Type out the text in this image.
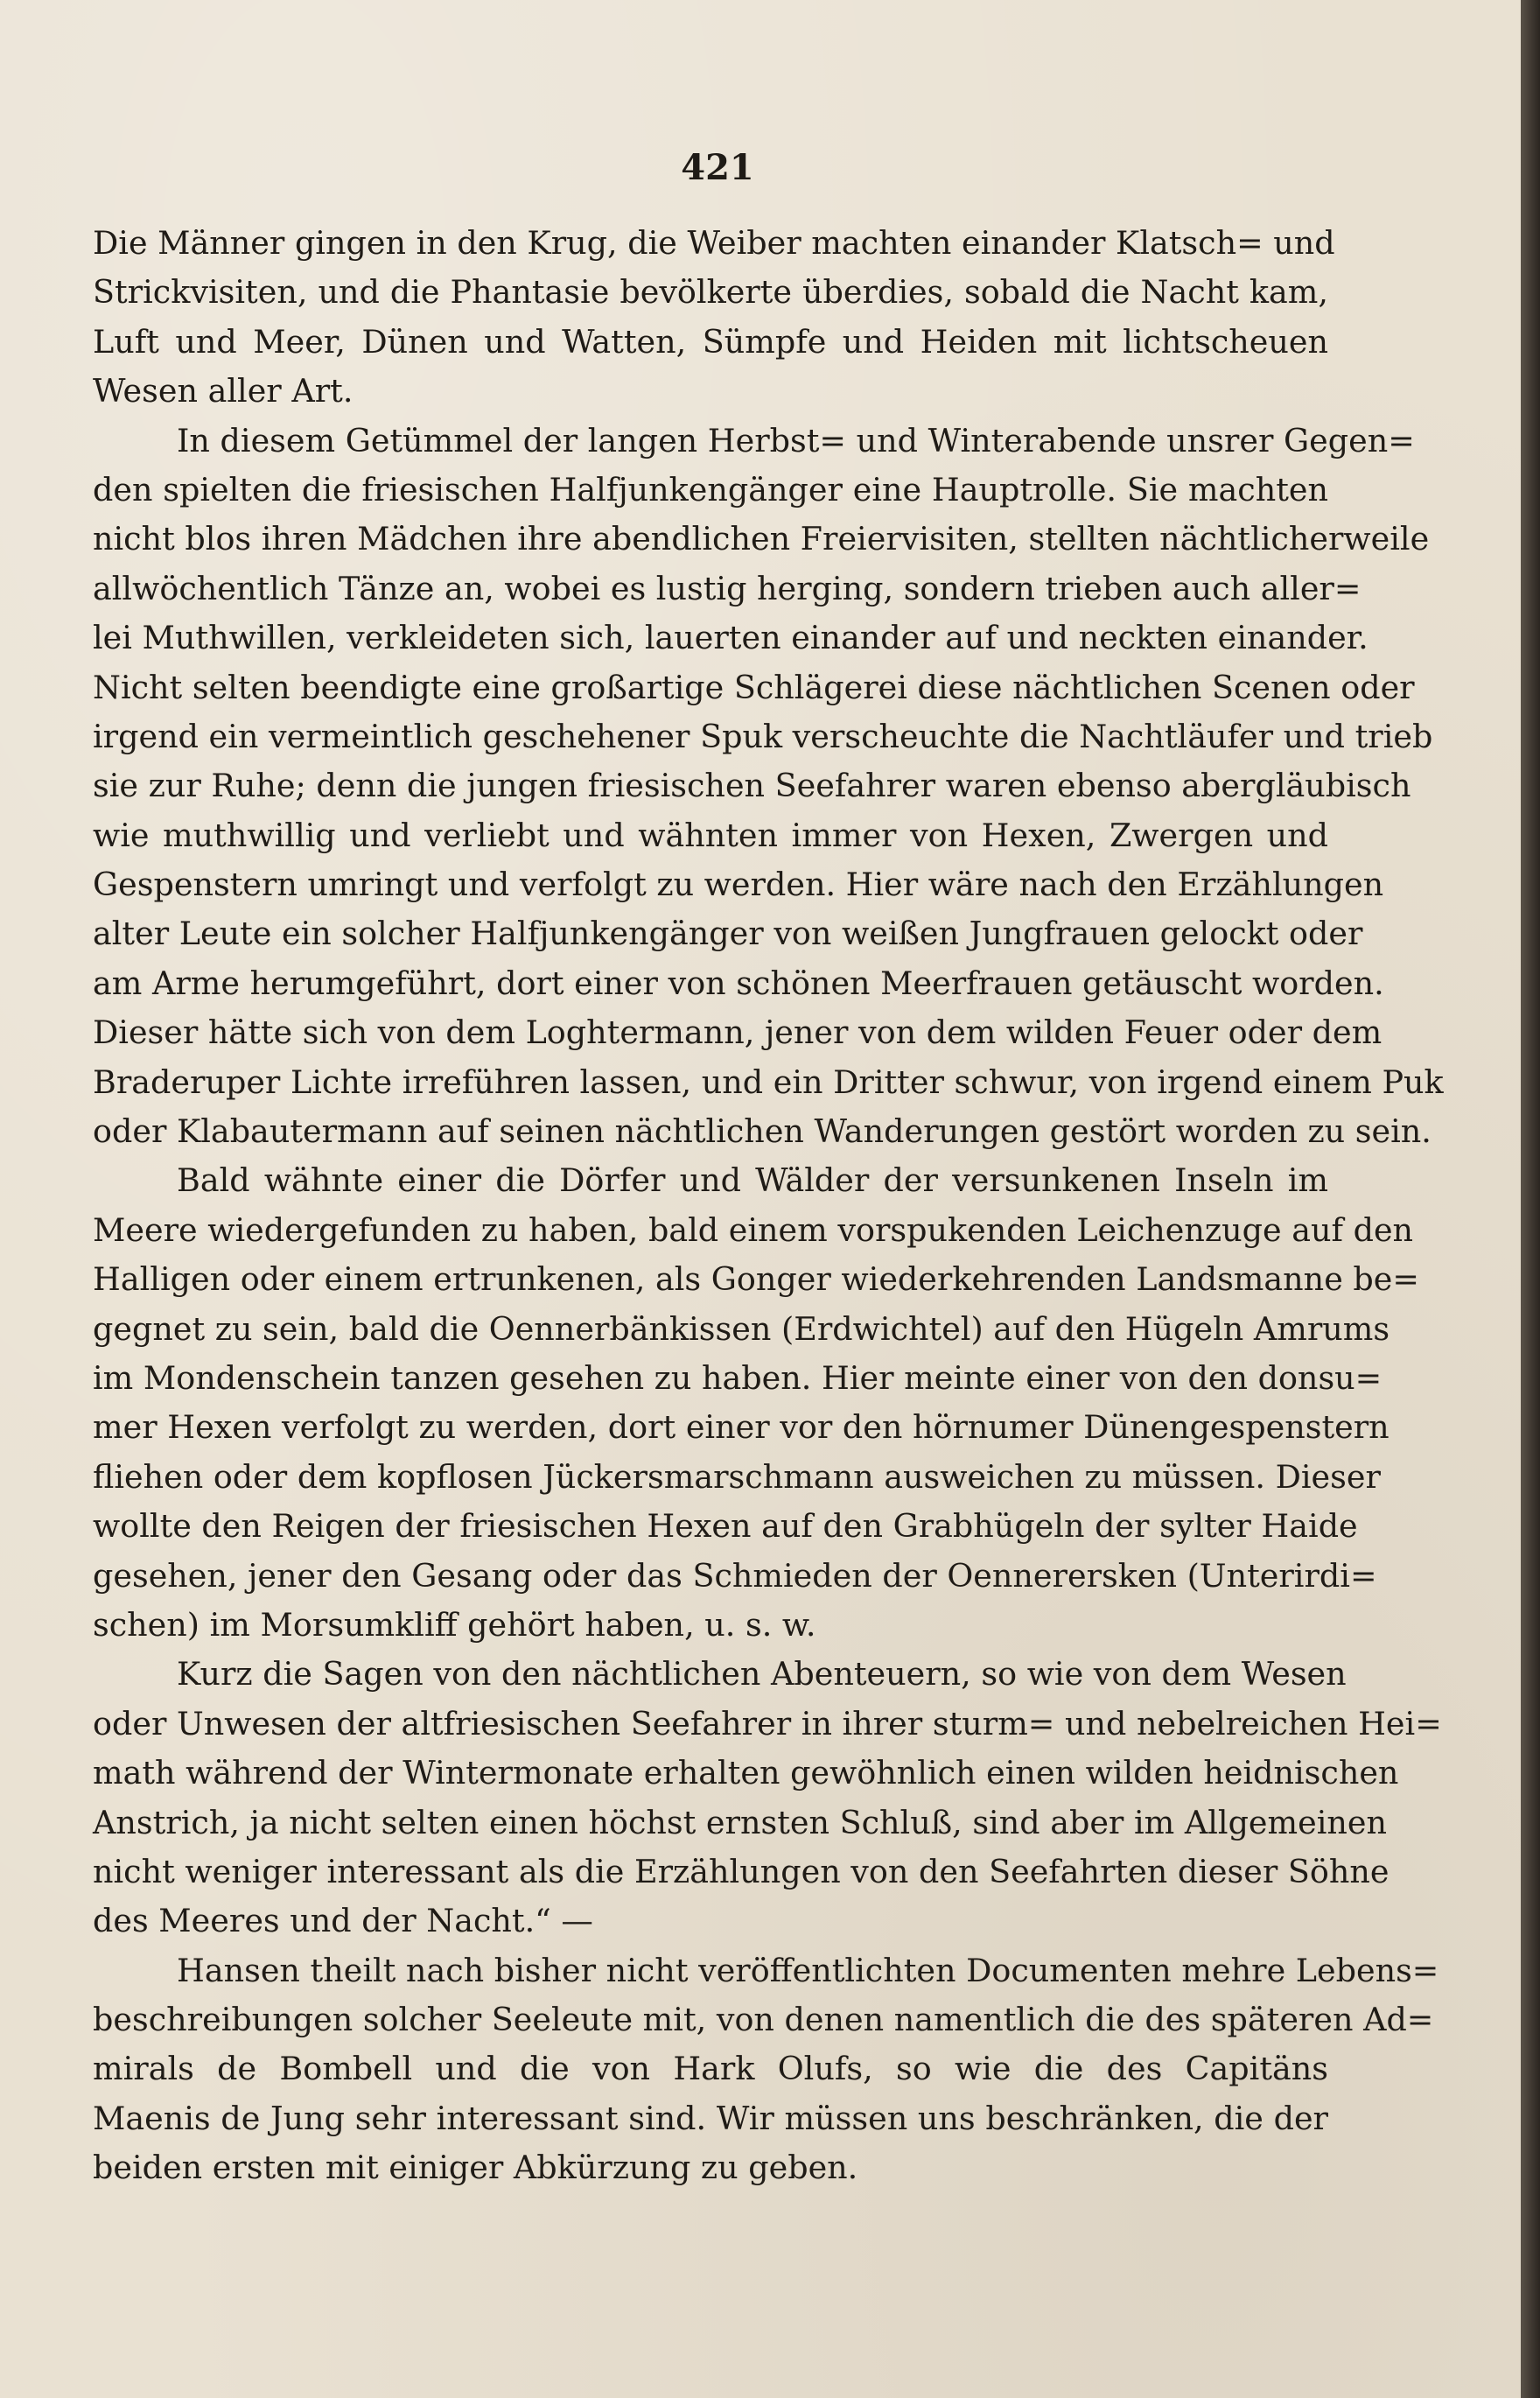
421
Die Männer gingen in den Krug, die Weiber machten einander Klatsch= und
Strickvisiten, und die Phantasie bevölkerte überdies, sobald die Nacht kam,
Luft und Meer, Dünen und Watten, Sümpfe und Heiden mit lichtscheuen
Wesen aller Art.
In diesem Getümmel der langen Herbst= und Winterabende unsrer Gegen=
den spielten die friesischen Halfjunkengänger eine Hauptrolle. Sie machten
nicht blos ihren Mädchen ihre abendlichen Freiervisiten, stellten nächtlicherweile
allwöchentlich Tänze an, wobei es lustig herging, sondern trieben auch aller=
lei Muthwillen, verkleideten sich, lauerten einander auf und neckten einander.
Nicht selten beendigte eine großartige Schlägerei diese nächtlichen Scenen oder
irgend ein vermeintlich geschehener Spuk verscheuchte die Nachtläufer und trieb
sie zur Ruhe; denn die jungen friesischen Seefahrer waren ebenso abergläubisch
wie muthwillig und verliebt und wähnten immer von Hexen, Zwergen und
Gespenstern umringt und verfolgt zu werden. Hier wäre nach den Erzählungen
alter Leute ein solcher Halfjunkengänger von weißen Jungfrauen gelockt oder
am Arme herumgeführt, dort einer von schönen Meerfrauen getäuscht worden.
Dieser hätte sich von dem Loghtermann, jener von dem wilden Feuer oder dem
Braderuper Lichte irreführen lassen, und ein Dritter schwur, von irgend einem Puk
oder Klabautermann auf seinen nächtlichen Wanderungen gestört worden zu sein.
Bald wähnte einer die Dörfer und Wälder der versunkenen Inseln im
Meere wiedergefunden zu haben, bald einem vorspukenden Leichenzuge auf den
Halligen oder einem ertrunkenen, als Gonger wiederkehrenden Landsmanne be=
gegnet zu sein, bald die Oennerbänkissen (Erdwichtel) auf den Hügeln Amrums
im Mondenschein tanzen gesehen zu haben. Hier meinte einer von den donsu=
mer Hexen verfolgt zu werden, dort einer vor den hörnumer Dünengespenstern
fliehen oder dem kopflosen Jückersmarschmann ausweichen zu müssen. Dieser
wollte den Reigen der friesischen Hexen auf den Grabhügeln der sylter Haide
gesehen, jener den Gesang oder das Schmieden der Oennerersken (Unterirdi=
schen) im Morsumkliff gehört haben, u. s. w.
Kurz die Sagen von den nächtlichen Abenteuern, so wie von dem Wesen
oder Unwesen der altfriesischen Seefahrer in ihrer sturm= und nebelreichen Hei=
math während der Wintermonate erhalten gewöhnlich einen wilden heidnischen
Anstrich, ja nicht selten einen höchst ernsten Schluß, sind aber im Allgemeinen
nicht weniger interessant als die Erzählungen von den Seefahrten dieser Söhne
des Meeres und der Nacht.“ —
Hansen theilt nach bisher nicht veröffentlichten Documenten mehre Lebens=
beschreibungen solcher Seeleute mit, von denen namentlich die des späteren Ad=
mirals de Bombell und die von Hark Olufs, so wie die des Capitäns
Maenis de Jung sehr interessant sind. Wir müssen uns beschränken, die der
beiden ersten mit einiger Abkürzung zu geben.
